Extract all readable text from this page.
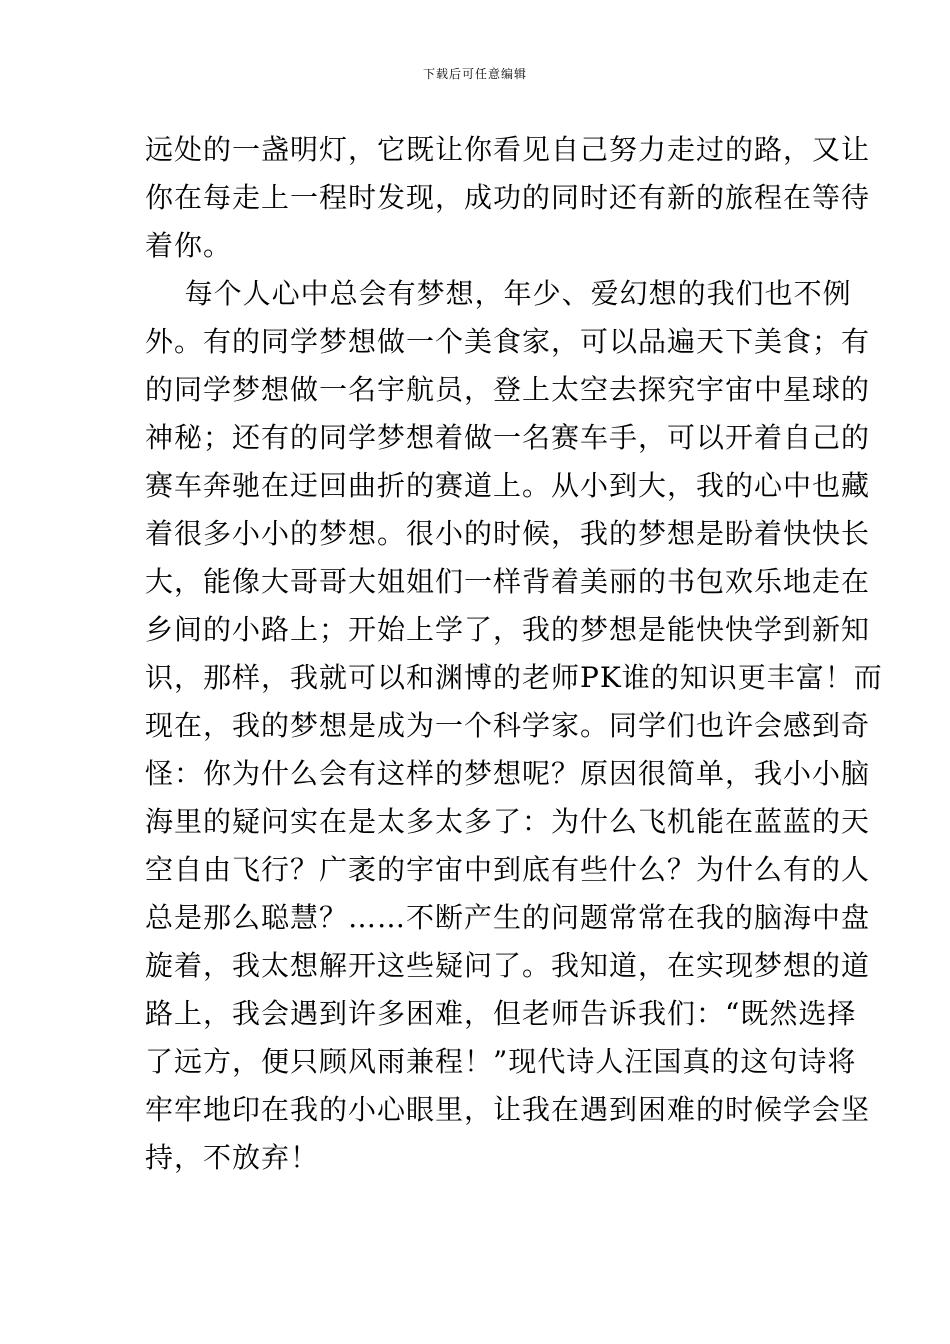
下载后可任意编辑
远处的一盏明灯，它既让你看见自己努力走过的路，又让
你在每走上一程时发现，成功的同时还有新的旅程在等待
着你。
每个人心中总会有梦想，年少、爱幻想的我们也不例
外。有的同学梦想做一个美食家，可以品遍天下美食；有
的同学梦想做一名宇航员，登上太空去探究宇宙中星球的
神秘；还有的同学梦想着做一名赛车手，可以开着自己的
赛车奔驰在迂回曲折的赛道上。从小到大，我的心中也藏
着很多小小的梦想。很小的时候，我的梦想是盼着快快长
大，能像大哥哥大姐姐们一样背着美丽的书包欢乐地走在
乡间的小路上；开始上学了，我的梦想是能快快学到新知
识，那样，我就可以和渊博的老师PK谁的知识更丰富！而
现在，我的梦想是成为一个科学家。同学们也许会感到奇
怪：你为什么会有这样的梦想呢？原因很简单，我小小脑
海里的疑问实在是太多太多了：为什么飞机能在蓝蓝的天
空自由飞行？广袤的宇宙中到底有些什么？为什么有的人
总是那么聪慧？……不断产生的问题常常在我的脑海中盘
旋着，我太想解开这些疑问了。我知道，在实现梦想的道
路上，我会遇到许多困难，但老师告诉我们：“既然选择
了远方，便只顾风雨兼程！”现代诗人汪国真的这句诗将
牢牢地印在我的小心眼里，让我在遇到困难的时候学会坚
持，不放弃！
